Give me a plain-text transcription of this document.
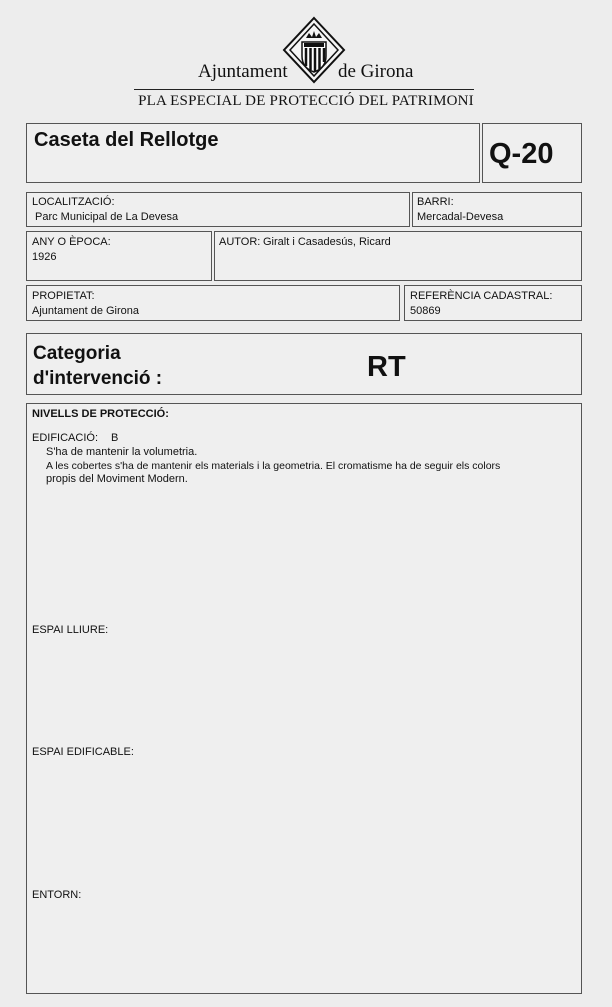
Ajuntament	de Girona
PLA ESPECIAL DE PROTECCIÓ DEL PATRIMONI
Caseta del Rellotge	Q-20
LOCALITZACIÓ:
Parc Municipal de La Devesa
BARRI:
Mercadal-Devesa
ANY O ÈPOCA:
1926
AUTOR: Giralt i Casadesús, Ricard
PROPIETAT:
Ajuntament de Girona
REFERÈNCIA CADASTRAL:
50869
Categoria
d'intervenció :	RT
NIVELLS DE PROTECCIÓ:
EDIFICACIÓ: B
S'ha de mantenir la volumetria.
A les cobertes s'ha de mantenir els materials i la geometria. El cromatisme ha de seguir els colors
propis del Moviment Modern.
ESPAI LLIURE:
ESPAI EDIFICABLE:
ENTORN:
